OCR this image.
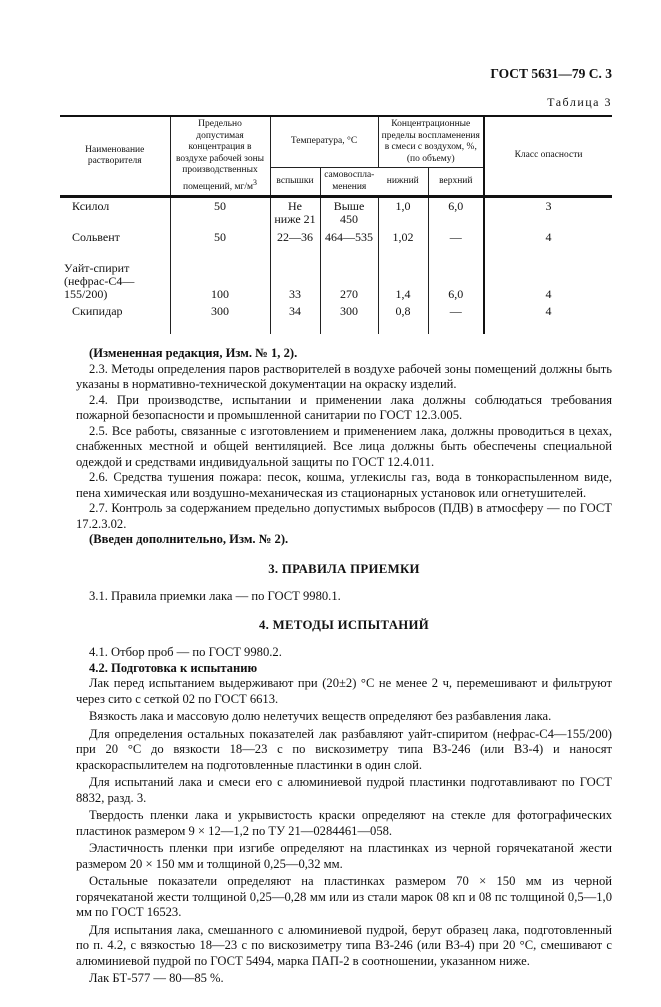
ГОСТ 5631—79 С. 3
Таблица 3
Наименование растворителя	Предельно допустимая концентрация в воздухе рабочей зоны производственных помещений, $мг/м^3$	Температура, °С		Концентрационные пределы воспламенения в смеси с воздухом, %, (по объему)		Класс опасности
		вспышки	самовоспла-менения			
				нижний	верхний	
Ксилол	50	Не ниже 21	Выше 450	1,0	6,0	3
Сольвент	50	22—36	464—535	1,02	—	4
Уайт-спирит (нефрас-С4—155/200)	100	33	270	1,4	6,0	4
Скипидар	300	34	300	0,8	—	4

(Измененная редакция, Изм. № 1, 2).

2.3. Методы определения паров растворителей в воздухе рабочей зоны помещений должны быть указаны в нормативно-технической документации на окраску изделий.

2.4. При производстве, испытании и применении лака должны соблюдаться требования пожарной безопасности и промышленной санитарии по ГОСТ 12.3.005.

2.5. Все работы, связанные с изготовлением и применением лака, должны проводиться в цехах, снабженных местной и общей вентиляцией. Все лица должны быть обеспечены специальной одеждой и средствами индивидуальной защиты по ГОСТ 12.4.011.

2.6. Средства тушения пожара: песок, кошма, углекислы газ, вода в тонкораспыленном виде, пена химическая или воздушно-механическая из стационарных установок или огнетушителей.

2.7. Контроль за содержанием предельно допустимых выбросов (ПДВ) в атмосферу — по ГОСТ 17.2.3.02.

(Введен дополнительно, Изм. № 2).

3. ПРАВИЛА ПРИЕМКИ

3.1. Правила приемки лака — по ГОСТ 9980.1.

4. МЕТОДЫ ИСПЫТАНИЙ

4.1. Отбор проб — по ГОСТ 9980.2.

4.2. Подготовка к испытанию

Лак перед испытанием выдерживают при (20±2) °С не менее 2 ч, перемешивают и фильтруют через сито с сеткой 02 по ГОСТ 6613.

Вязкость лака и массовую долю нелетучих веществ определяют без разбавления лака.

Для определения остальных показателей лак разбавляют уайт-спиритом (нефрас-С4—155/200) при 20 °С до вязкости 18—23 с по вискозиметру типа ВЗ-246 (или ВЗ-4) и наносят краскораспылителем на подготовленные пластинки в один слой.

Для испытаний лака и смеси его с алюминиевой пудрой пластинки подготавливают по ГОСТ 8832, разд. 3.

Твердость пленки лака и укрывистость краски определяют на стекле для фотографических пластинок размером 9 × 12—1,2 по ТУ 21—0284461—058.

Эластичность пленки при изгибе определяют на пластинках из черной горячекатаной жести размером 20 × 150 мм и толщиной 0,25—0,32 мм.

Остальные показатели определяют на пластинках размером 70 × 150 мм из черной горячекатаной жести толщиной 0,25—0,28 мм или из стали марок 08 кп и 08 пс толщиной 0,5—1,0 мм по ГОСТ 16523.

Для испытания лака, смешанного с алюминиевой пудрой, берут образец лака, подготовленный по п. 4.2, с вязкостью 18—23 с по вискозиметру типа ВЗ-246 (или ВЗ-4) при 20 °С, смешивают с алюминиевой пудрой по ГОСТ 5494, марка ПАП-2 в соотношении, указанном ниже.

Лак БТ-577 — 80—85 %.
